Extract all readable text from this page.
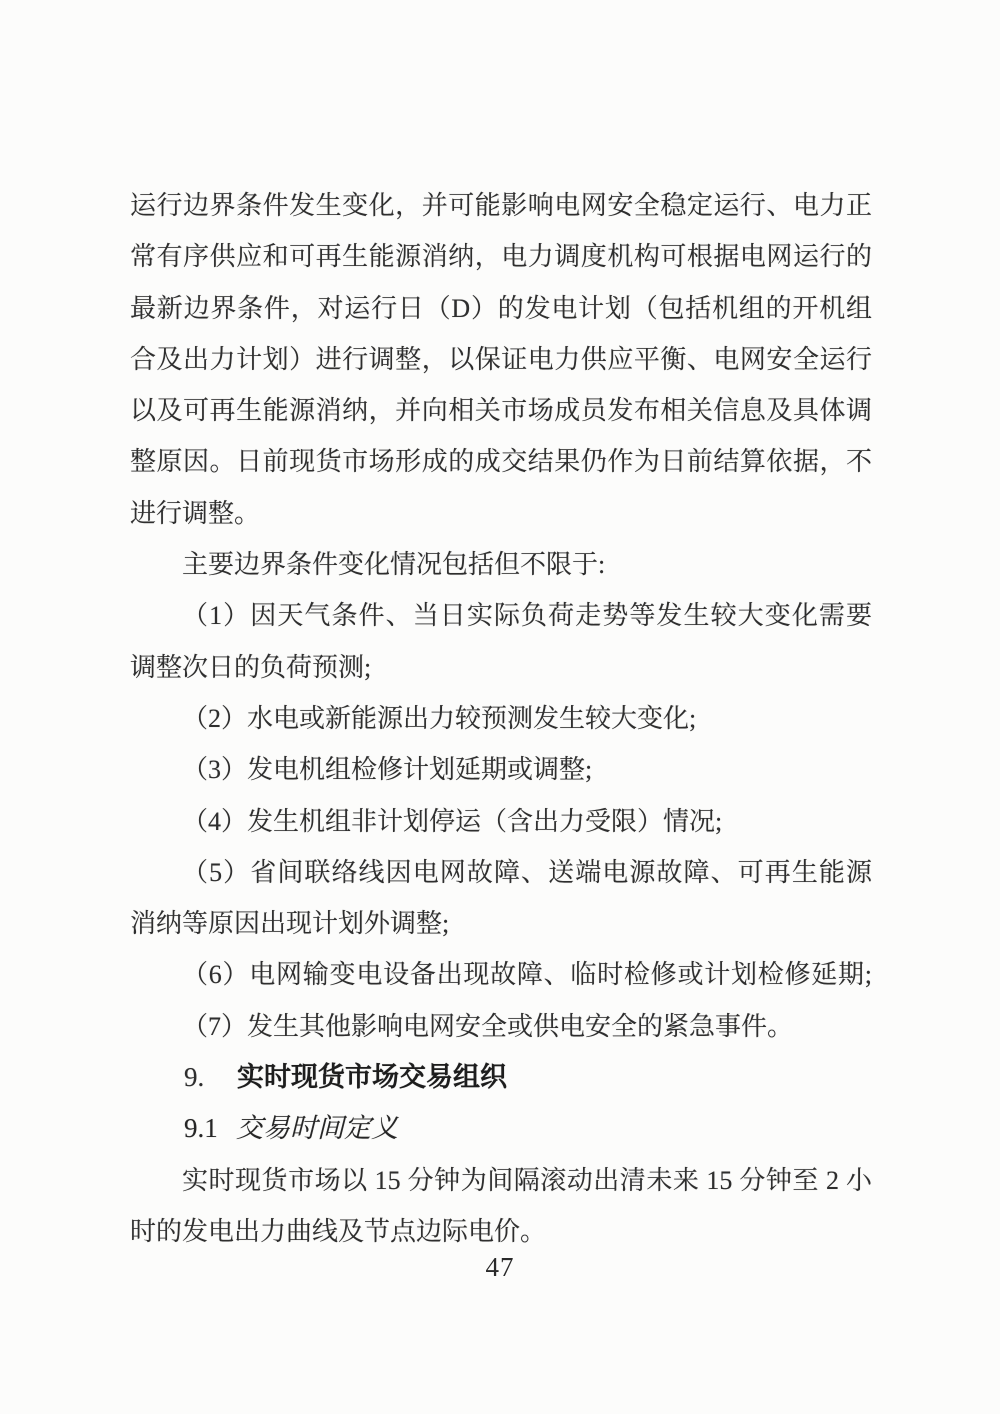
运行边界条件发生变化，并可能影响电网安全稳定运行、电力正
常有序供应和可再生能源消纳，电力调度机构可根据电网运行的
最新边界条件，对运行日（D）的发电计划（包括机组的开机组
合及出力计划）进行调整，以保证电力供应平衡、电网安全运行
以及可再生能源消纳，并向相关市场成员发布相关信息及具体调
整原因。日前现货市场形成的成交结果仍作为日前结算依据，不
进行调整。
主要边界条件变化情况包括但不限于:
（1）因天气条件、当日实际负荷走势等发生较大变化需要
调整次日的负荷预测;
（2）水电或新能源出力较预测发生较大变化;
（3）发电机组检修计划延期或调整;
（4）发生机组非计划停运（含出力受限）情况;
（5）省间联络线因电网故障、送端电源故障、可再生能源
消纳等原因出现计划外调整;
（6）电网输变电设备出现故障、临时检修或计划检修延期;
（7）发生其他影响电网安全或供电安全的紧急事件。
9. 实时现货市场交易组织
9.1 交易时间定义
实时现货市场以 15 分钟为间隔滚动出清未来 15 分钟至 2 小
时的发电出力曲线及节点边际电价。
47
